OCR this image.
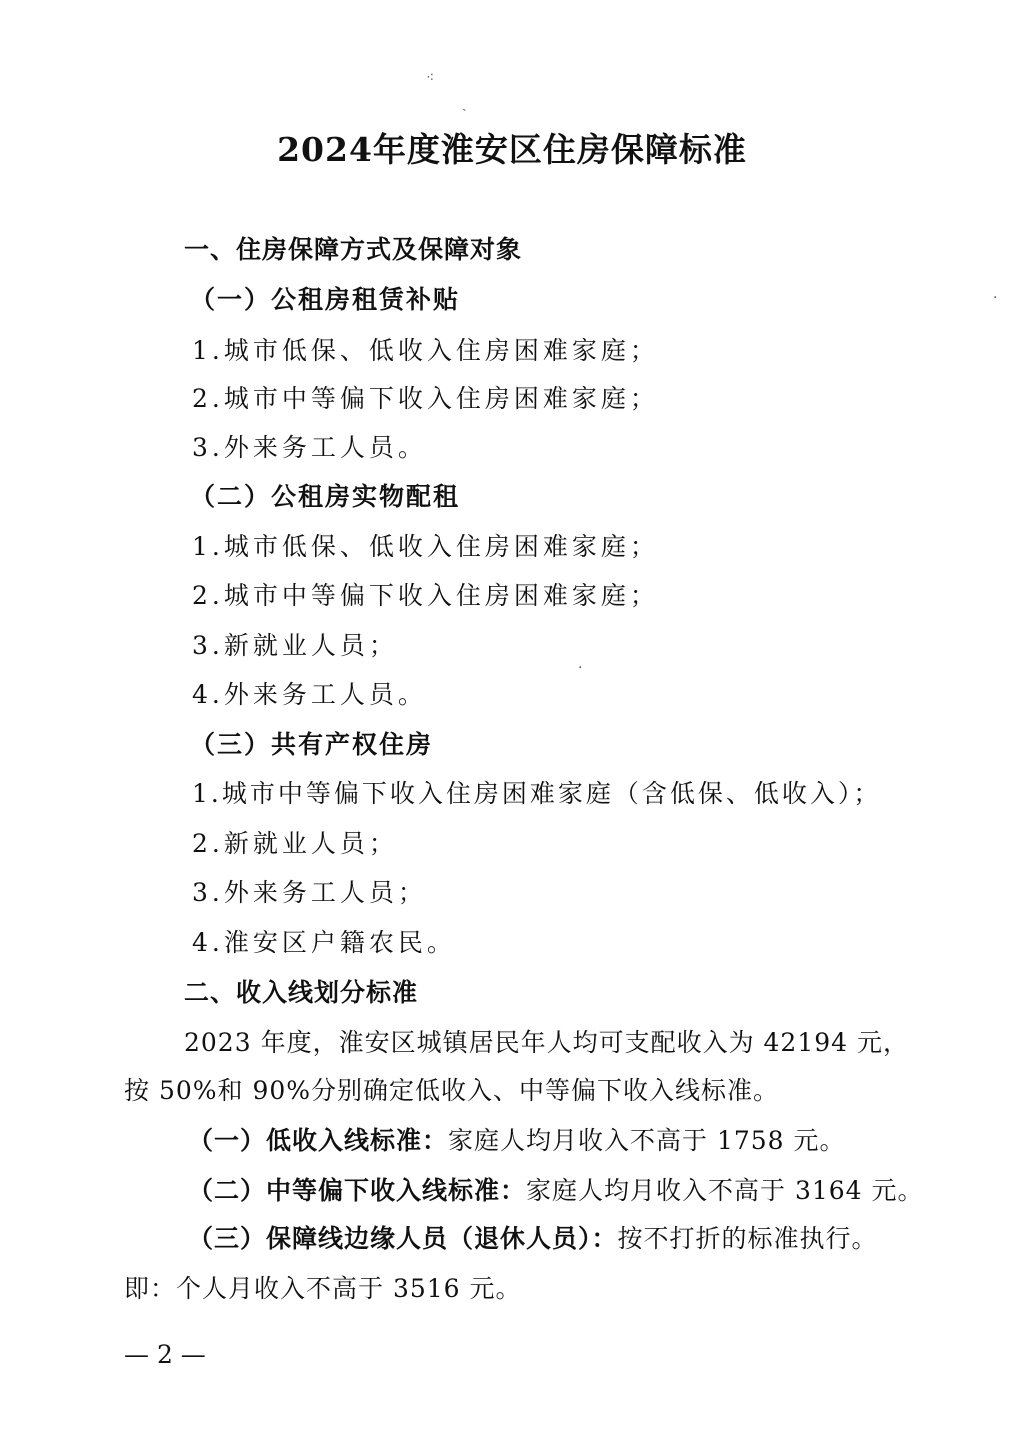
⁖
ˎ
·
·
2024年度淮安区住房保障标准
一、住房保障方式及保障对象
（一）公租房租赁补贴
1.城市低保、低收入住房困难家庭；
2.城市中等偏下收入住房困难家庭；
3.外来务工人员。
（二）公租房实物配租
1.城市低保、低收入住房困难家庭；
2.城市中等偏下收入住房困难家庭；
3.新就业人员；
4.外来务工人员。
（三）共有产权住房
1.城市中等偏下收入住房困难家庭（含低保、低收入）；
2.新就业人员；
3.外来务工人员；
4.淮安区户籍农民。
二、收入线划分标准
2023 年度，淮安区城镇居民年人均可支配收入为 42194 元，
按 50%和 90%分别确定低收入、中等偏下收入线标准。
（一）低收入线标准：家庭人均月收入不高于 1758 元。
（二）中等偏下收入线标准：家庭人均月收入不高于 3164 元。
（三）保障线边缘人员（退休人员）：按不打折的标准执行。
即：个人月收入不高于 3516 元。
— 2 —
